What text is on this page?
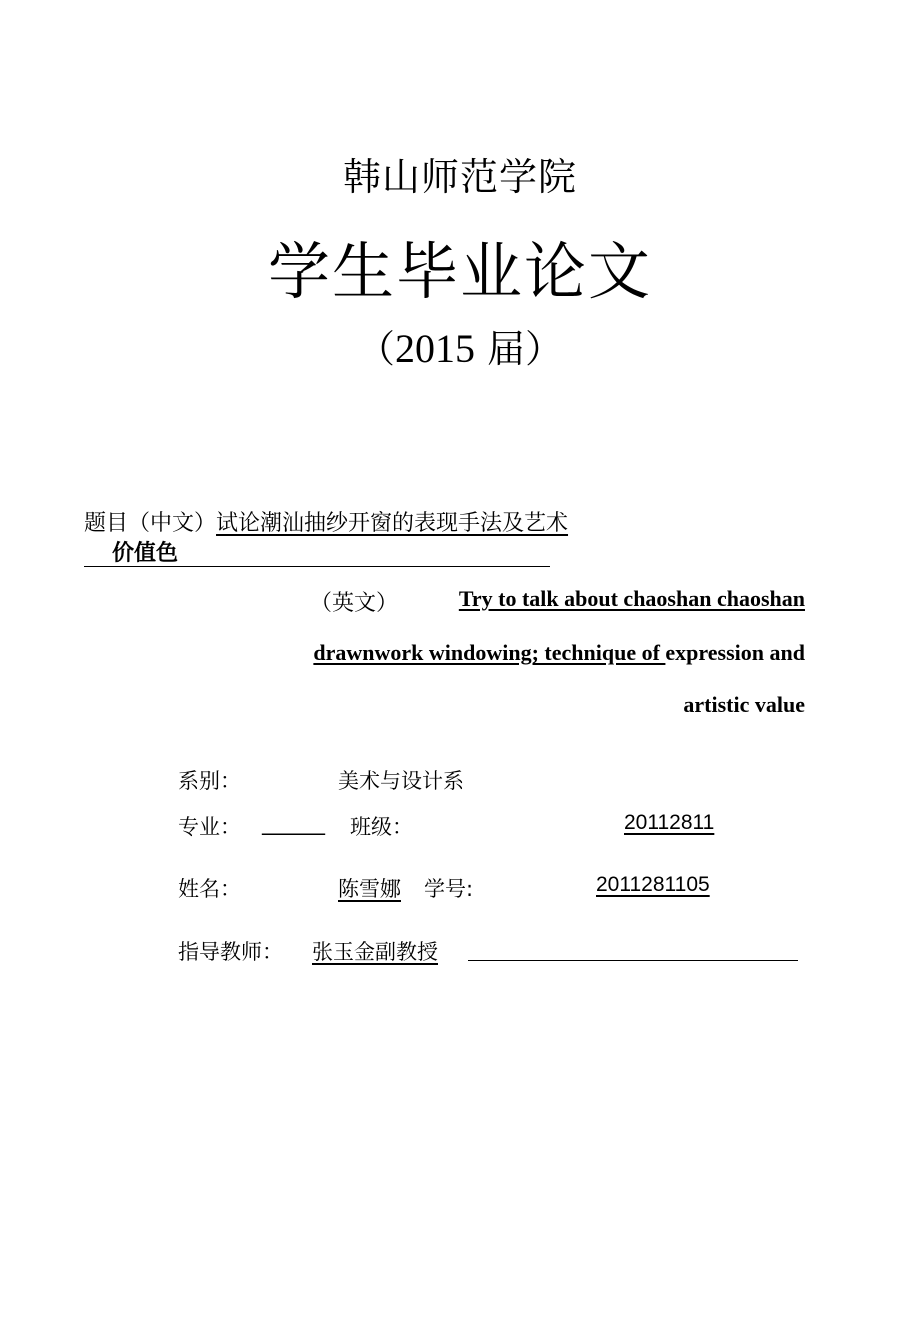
韩山师范学院
学生毕业论文
（2015 届）
题目（中文）试论潮汕抽纱开窗的表现手法及艺术
价值色
（英文）	Try to talk about chaoshan chaoshan
drawnwork windowing; technique of expression and
artistic value
系别：	美术与设计系
专业： ______ 班级：	20112811
姓名：	陈雪娜 学号:	2011281105
指导教师： 张玉金副教授
